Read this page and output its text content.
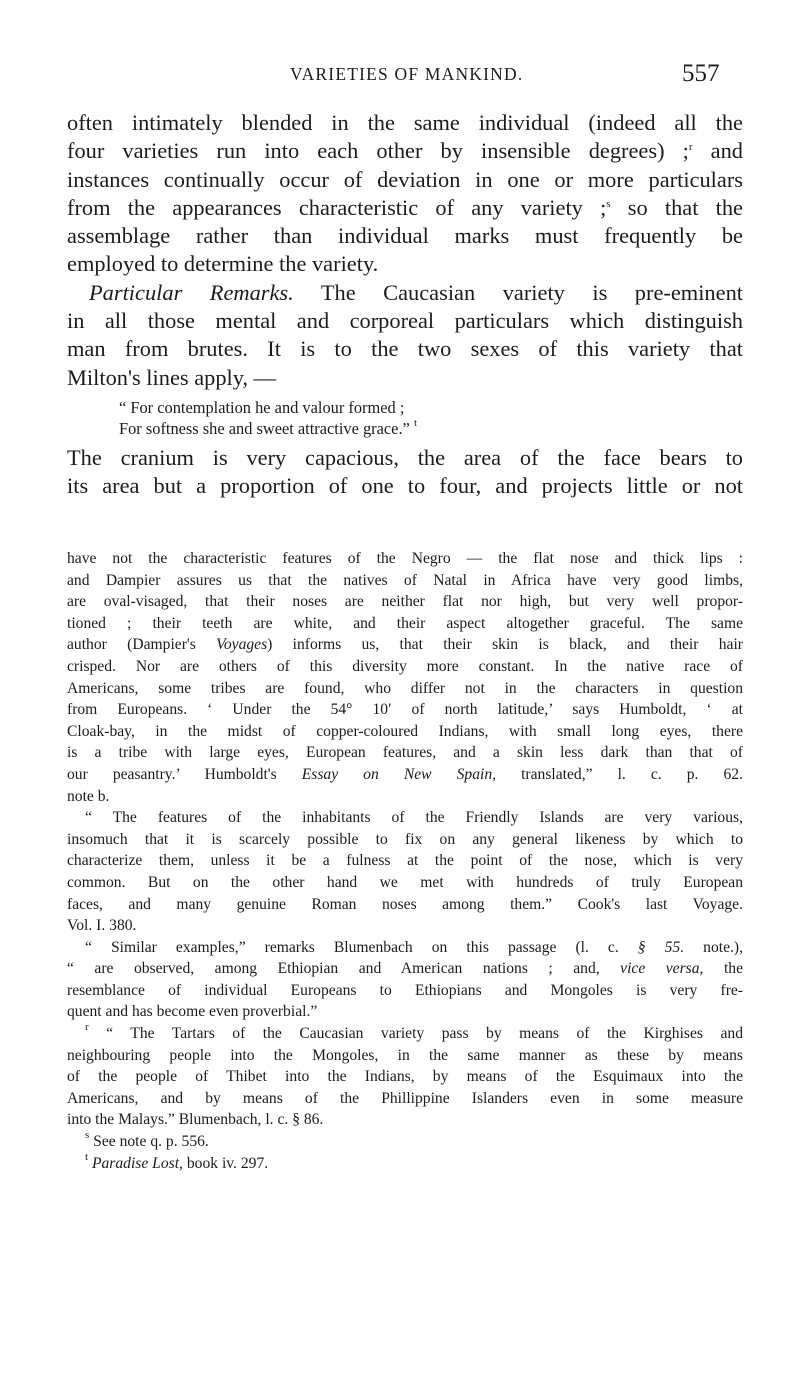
VARIETIES OF MANKIND.	557

often intimately blended in the same individual (indeed all the
four varieties run into each other by insensible degrees) ;$^r$ and
instances continually occur of deviation in one or more particulars
from the appearances characteristic of any variety ;$^s$ so that the
assemblage rather than individual marks must frequently be
employed to determine the variety.

Particular Remarks. The Caucasian variety is pre-eminent

in all those mental and corporeal particulars which distinguish
man from brutes. It is to the two sexes of this variety that
Milton's lines apply, —

“ For contemplation he and valour formed ;
For softness she and sweet attractive grace.” $^t$

The cranium is very capacious, the area of the face bears to
its area but a proportion of one to four, and projects little or not

have not the characteristic features of the Negro — the flat nose and thick lips :
and Dampier assures us that the natives of Natal in Africa have very good limbs,
are oval-visaged, that their noses are neither flat nor high, but very well propor-
tioned ; their teeth are white, and their aspect altogether graceful. The same
author (Dampier's Voyages) informs us, that their skin is black, and their hair
crisped. Nor are others of this diversity more constant. In the native race of
Americans, some tribes are found, who differ not in the characters in question
from Europeans. ‘ Under the 54° 10′ of north latitude,’ says Humboldt, ‘ at
Cloak-bay, in the midst of copper-coloured Indians, with small long eyes, there
is a tribe with large eyes, European features, and a skin less dark than that of
our peasantry.’ Humboldt's Essay on New Spain, translated,” l. c. p. 62.
note b.
“ The features of the inhabitants of the Friendly Islands are very various,
insomuch that it is scarcely possible to fix on any general likeness by which to
characterize them, unless it be a fulness at the point of the nose, which is very
common. But on the other hand we met with hundreds of truly European
faces, and many genuine Roman noses among them.” Cook's last Voyage.
Vol. I. 380.
“ Similar examples,” remarks Blumenbach on this passage (l. c. § 55. note.),
“ are observed, among Ethiopian and American nations ; and, vice versa, the
resemblance of individual Europeans to Ethiopians and Mongoles is very fre-
quent and has become even proverbial.”
$^r$ “ The Tartars of the Caucasian variety pass by means of the Kirghises and
neighbouring people into the Mongoles, in the same manner as these by means
of the people of Thibet into the Indians, by means of the Esquimaux into the
Americans, and by means of the Phillippine Islanders even in some measure
into the Malays.” Blumenbach, l. c. § 86.
$^s$ See note q. p. 556.
$^t$ Paradise Lost, book iv. 297.
